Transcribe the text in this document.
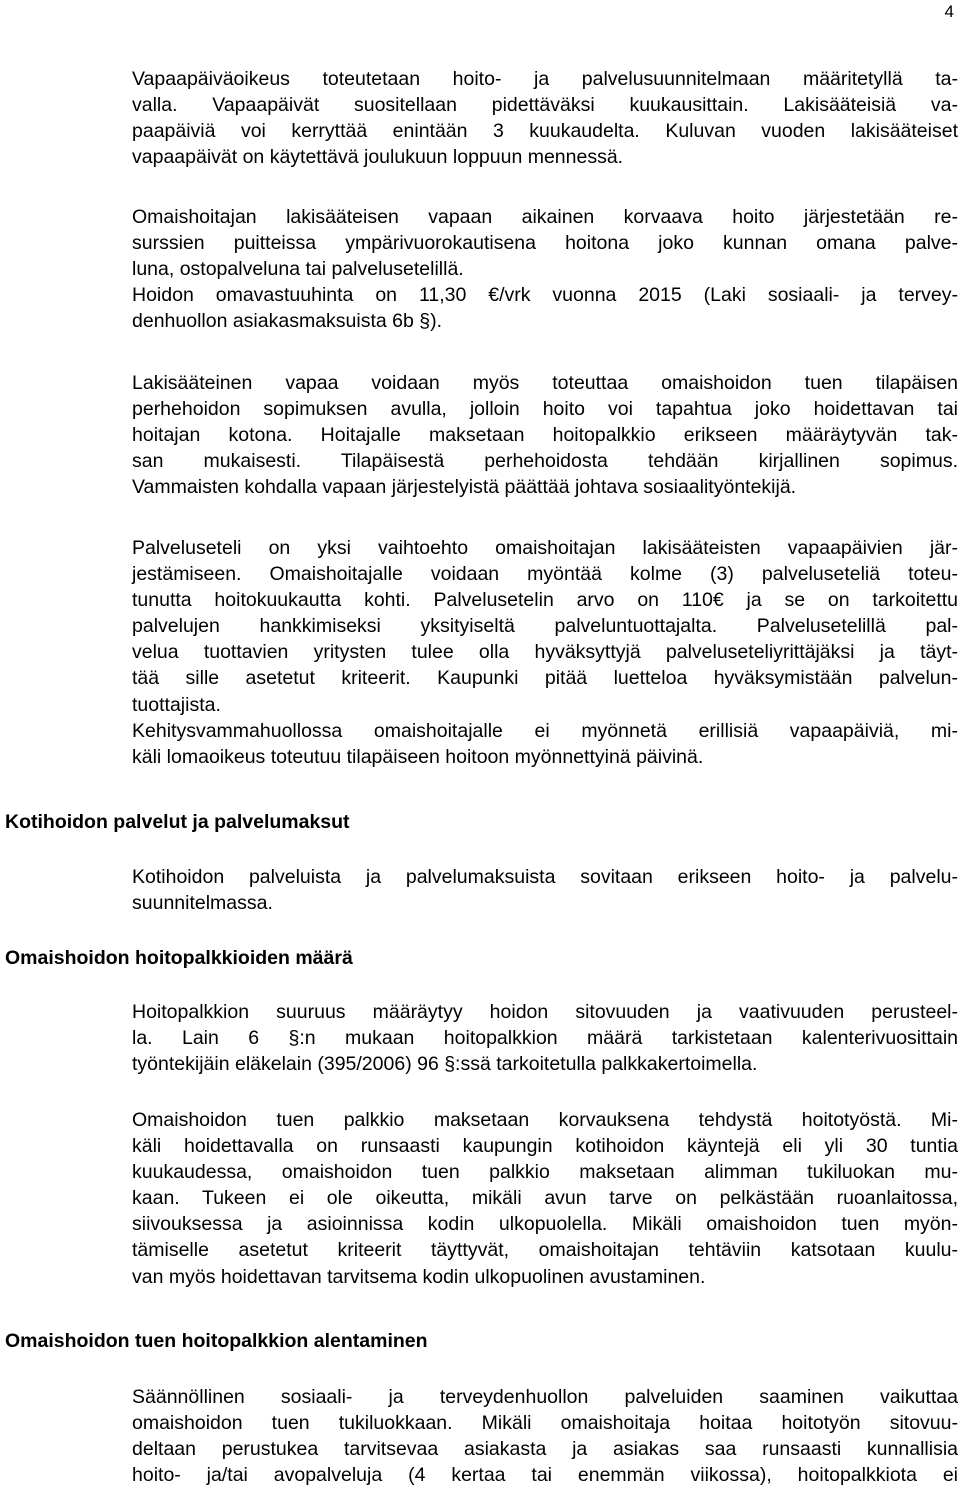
4
Vapaapäiväoikeus toteutetaan hoito- ja palvelusuunnitelmaan määritetyllä ta-
valla. Vapaapäivät suositellaan pidettäväksi kuukausittain. Lakisääteisiä va-
paapäiviä voi kerryttää enintään 3 kuukaudelta. Kuluvan vuoden lakisääteiset
vapaapäivät on käytettävä joulukuun loppuun mennessä.
Omaishoitajan lakisääteisen vapaan aikainen korvaava hoito järjestetään re-
surssien puitteissa ympärivuorokautisena hoitona joko kunnan omana palve-
luna, ostopalveluna tai palvelusetelillä.
Hoidon omavastuuhinta on 11,30 €/vrk vuonna 2015 (Laki sosiaali- ja tervey-
denhuollon asiakasmaksuista 6b §).
Lakisääteinen vapaa voidaan myös toteuttaa omaishoidon tuen tilapäisen
perhehoidon sopimuksen avulla, jolloin hoito voi tapahtua joko hoidettavan tai
hoitajan kotona. Hoitajalle maksetaan hoitopalkkio erikseen määräytyvän tak-
san mukaisesti. Tilapäisestä perhehoidosta tehdään kirjallinen sopimus.
Vammaisten kohdalla vapaan järjestelyistä päättää johtava sosiaalityöntekijä.
Palveluseteli on yksi vaihtoehto omaishoitajan lakisääteisten vapaapäivien jär-
jestämiseen. Omaishoitajalle voidaan myöntää kolme (3) palveluseteliä toteu-
tunutta hoitokuukautta kohti. Palvelusetelin arvo on 110€ ja se on tarkoitettu
palvelujen hankkimiseksi yksityiseltä palveluntuottajalta. Palvelusetelillä pal-
velua tuottavien yritysten tulee olla hyväksyttyjä palveluseteliyrittäjäksi ja täyt-
tää sille asetetut kriteerit. Kaupunki pitää luetteloa hyväksymistään palvelun-
tuottajista.
Kehitysvammahuollossa omaishoitajalle ei myönnetä erillisiä vapaapäiviä, mi-
käli lomaoikeus toteutuu tilapäiseen hoitoon myönnettyinä päivinä.
Kotihoidon palvelut ja palvelumaksut
Kotihoidon palveluista ja palvelumaksuista sovitaan erikseen hoito- ja palvelu-
suunnitelmassa.
Omaishoidon hoitopalkkioiden määrä
Hoitopalkkion suuruus määräytyy hoidon sitovuuden ja vaativuuden perusteel-
la. Lain 6 §:n mukaan hoitopalkkion määrä tarkistetaan kalenterivuosittain
työntekijäin eläkelain (395/2006) 96 §:ssä tarkoitetulla palkkakertoimella.
Omaishoidon tuen palkkio maksetaan korvauksena tehdystä hoitotyöstä. Mi-
käli hoidettavalla on runsaasti kaupungin kotihoidon käyntejä eli yli 30 tuntia
kuukaudessa, omaishoidon tuen palkkio maksetaan alimman tukiluokan mu-
kaan. Tukeen ei ole oikeutta, mikäli avun tarve on pelkästään ruoanlaitossa,
siivouksessa ja asioinnissa kodin ulkopuolella. Mikäli omaishoidon tuen myön-
tämiselle asetetut kriteerit täyttyvät, omaishoitajan tehtäviin katsotaan kuulu-
van myös hoidettavan tarvitsema kodin ulkopuolinen avustaminen.
Omaishoidon tuen hoitopalkkion alentaminen
Säännöllinen sosiaali- ja terveydenhuollon palveluiden saaminen vaikuttaa
omaishoidon tuen tukiluokkaan. Mikäli omaishoitaja hoitaa hoitotyön sitovuu-
deltaan perustukea tarvitsevaa asiakasta ja asiakas saa runsaasti kunnallisia
hoito- ja/tai avopalveluja (4 kertaa tai enemmän viikossa), hoitopalkkiota ei
